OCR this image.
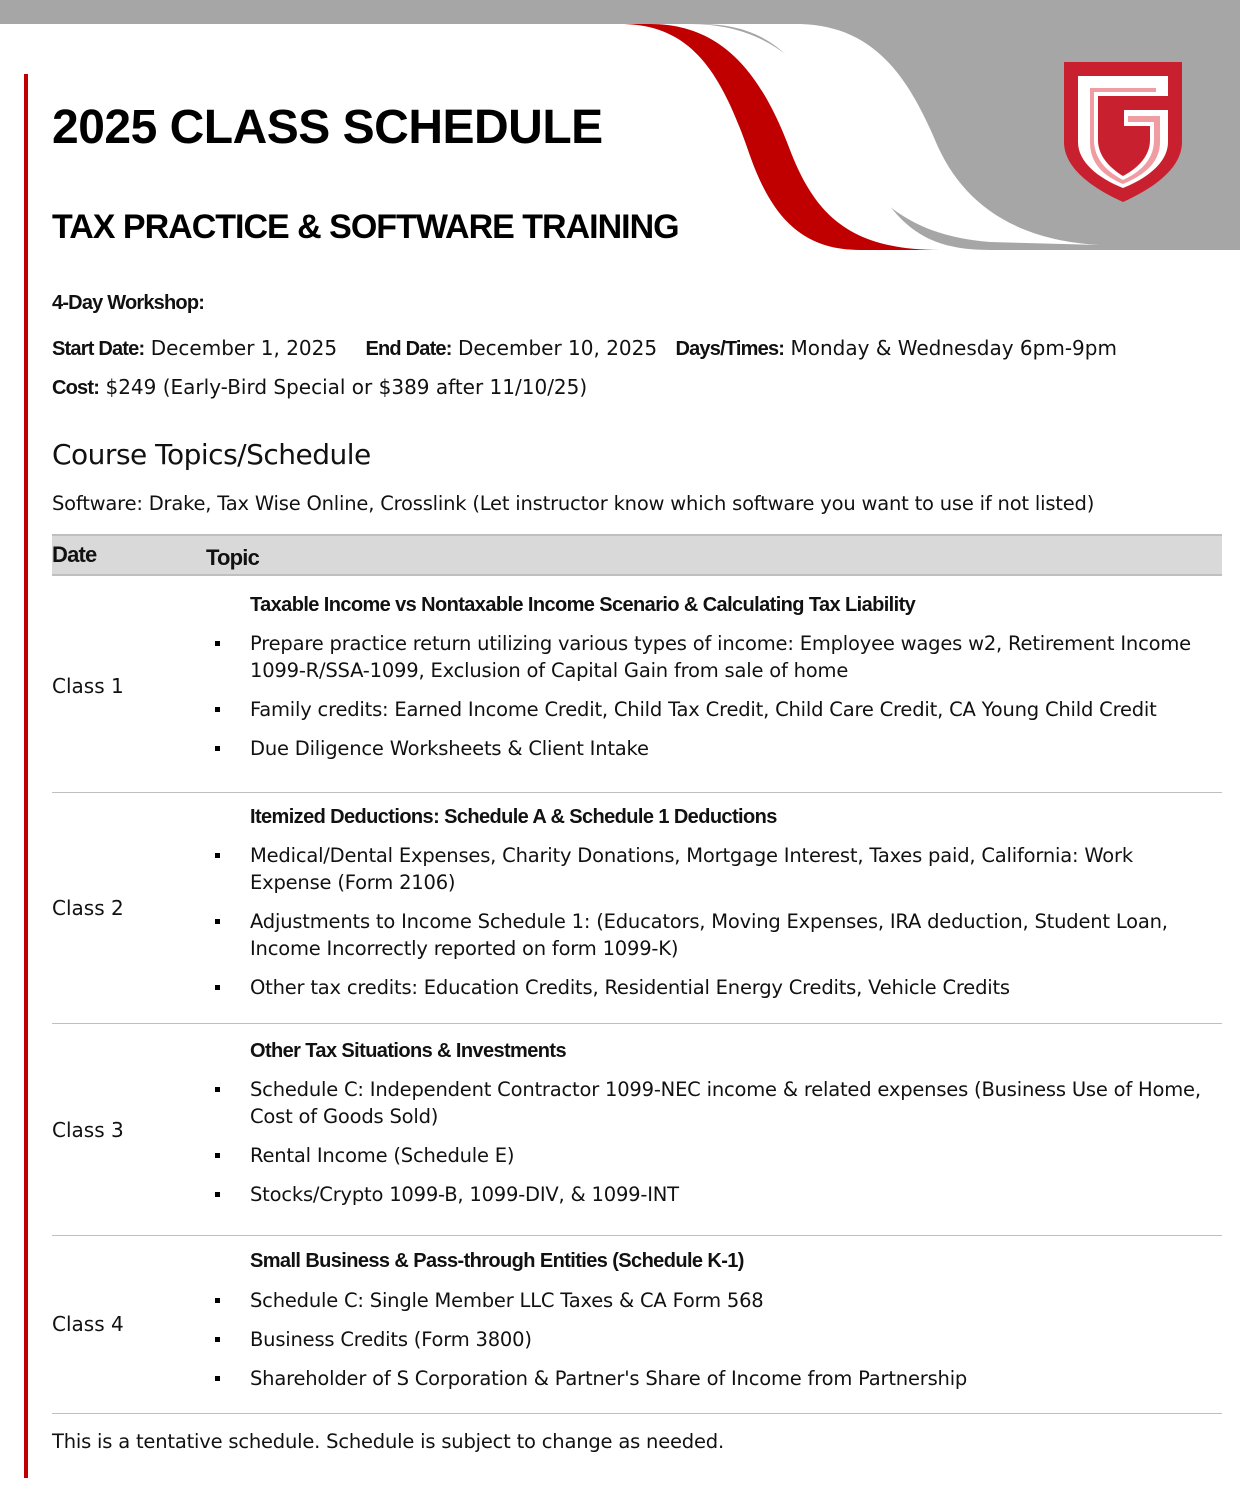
2025 CLASS SCHEDULE
TAX PRACTICE & SOFTWARE TRAINING
4-Day Workshop:
Start Date: December 1, 2025 End Date: December 10, 2025 Days/Times: Monday & Wednesday 6pm-9pm
Cost: $249 (Early-Bird Special or $389 after 11/10/25)
Course Topics/Schedule
Software: Drake, Tax Wise Online, Crosslink (Let instructor know which software you want to use if not listed)
Date	Topic
Class 1
Taxable Income vs Nontaxable Income Scenario & Calculating Tax Liability
Prepare practice return utilizing various types of income: Employee wages w2, Retirement Income 1099-R/SSA-1099, Exclusion of Capital Gain from sale of home
Family credits: Earned Income Credit, Child Tax Credit, Child Care Credit, CA Young Child Credit
Due Diligence Worksheets & Client Intake
Class 2
Itemized Deductions: Schedule A & Schedule 1 Deductions
Medical/Dental Expenses, Charity Donations, Mortgage Interest, Taxes paid, California: Work Expense (Form 2106)
Adjustments to Income Schedule 1: (Educators, Moving Expenses, IRA deduction, Student Loan, Income Incorrectly reported on form 1099-K)
Other tax credits: Education Credits, Residential Energy Credits, Vehicle Credits
Class 3
Other Tax Situations & Investments
Schedule C: Independent Contractor 1099-NEC income & related expenses (Business Use of Home, Cost of Goods Sold)
Rental Income (Schedule E)
Stocks/Crypto 1099-B, 1099-DIV, & 1099-INT
Class 4
Small Business & Pass-through Entities (Schedule K-1)
Schedule C: Single Member LLC Taxes & CA Form 568
Business Credits (Form 3800)
Shareholder of S Corporation & Partner's Share of Income from Partnership
This is a tentative schedule. Schedule is subject to change as needed.
